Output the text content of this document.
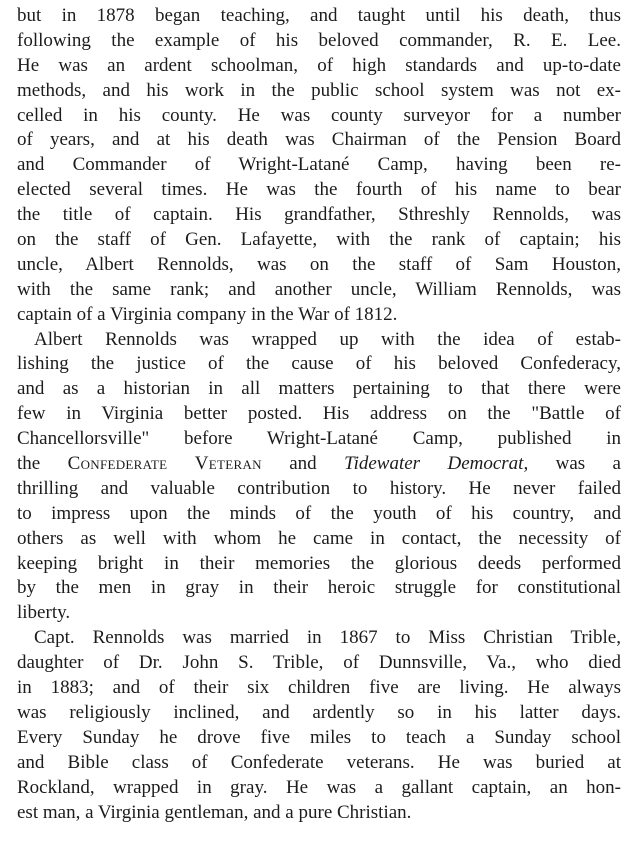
but in 1878 began teaching, and taught until his death, thus
following the example of his beloved commander, R. E. Lee.
He was an ardent schoolman, of high standards and up-to-date
methods, and his work in the public school system was not ex-
celled in his county. He was county surveyor for a number
of years, and at his death was Chairman of the Pension Board
and Commander of Wright-Latané Camp, having been re-
elected several times. He was the fourth of his name to bear
the title of captain. His grandfather, Sthreshly Rennolds, was
on the staff of Gen. Lafayette, with the rank of captain; his
uncle, Albert Rennolds, was on the staff of Sam Houston,
with the same rank; and another uncle, William Rennolds, was
captain of a Virginia company in the War of 1812.
Albert Rennolds was wrapped up with the idea of estab-
lishing the justice of the cause of his beloved Confederacy,
and as a historian in all matters pertaining to that there were
few in Virginia better posted. His address on the "Battle of
Chancellorsville" before Wright-Latané Camp, published in
the Confederate Veteran and Tidewater Democrat, was a
thrilling and valuable contribution to history. He never failed
to impress upon the minds of the youth of his country, and
others as well with whom he came in contact, the necessity of
keeping bright in their memories the glorious deeds performed
by the men in gray in their heroic struggle for constitutional
liberty.
Capt. Rennolds was married in 1867 to Miss Christian Trible,
daughter of Dr. John S. Trible, of Dunnsville, Va., who died
in 1883; and of their six children five are living. He always
was religiously inclined, and ardently so in his latter days.
Every Sunday he drove five miles to teach a Sunday school
and Bible class of Confederate veterans. He was buried at
Rockland, wrapped in gray. He was a gallant captain, an hon-
est man, a Virginia gentleman, and a pure Christian.
